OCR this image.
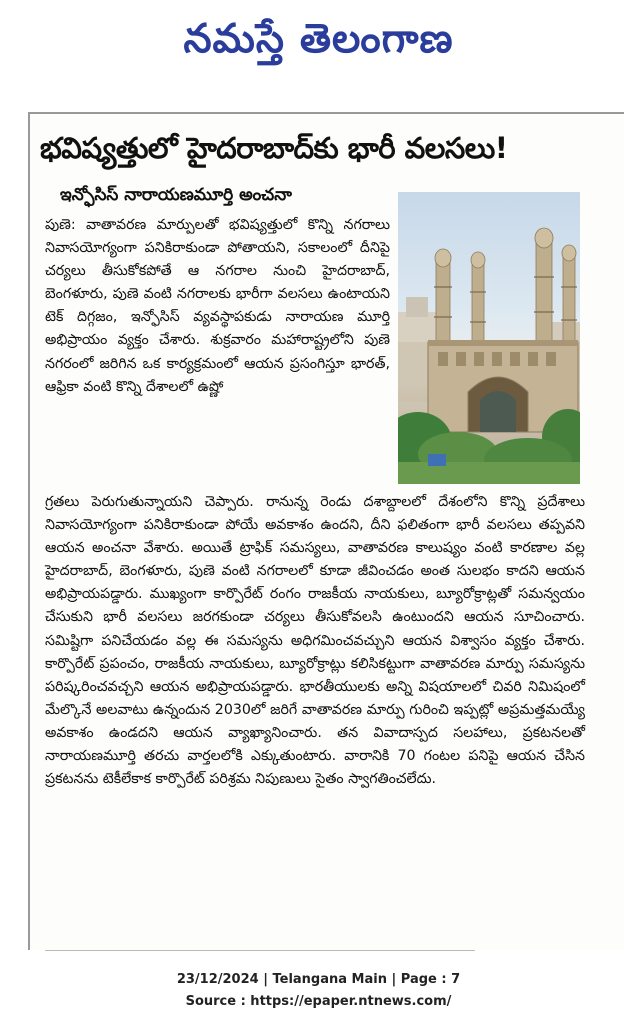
నమస్తే తెలంగాణ
భవిష్యత్తులో హైదరాబాద్‌కు భారీ వలసలు!
ఇన్ఫోసిస్ నారాయణమూర్తి అంచనా
పుణె: వాతావరణ మార్పులతో భవిష్యత్తులో కొన్ని నగరాలు నివాసయోగ్యంగా పనికిరాకుండా పోతాయని, సకాలంలో దీనిపై చర్యలు తీసుకోకపోతే ఆ నగరాల నుంచి హైదరాబాద్, బెంగళూరు, పుణె వంటి నగరాలకు భారీగా వలసలు ఉంటాయని టెక్ దిగ్గజం, ఇన్ఫోసిస్ వ్యవస్థాపకుడు నారాయణ మూర్తి అభిప్రాయం వ్యక్తం చేశారు. శుక్రవారం మహారాష్ట్రలోని పుణె నగరంలో జరిగిన ఒక కార్యక్రమంలో ఆయన ప్రసంగిస్తూ భారత్, ఆఫ్రికా వంటి కొన్ని దేశాలలో ఉష్ణో
గ్రతలు పెరుగుతున్నాయని చెప్పారు. రానున్న రెండు దశాబ్దాలలో దేశంలోని కొన్ని ప్రదేశాలు నివాసయోగ్యంగా పనికిరాకుండా పోయే అవకాశం ఉందని, దీని ఫలితంగా భారీ వలసలు తప్పవని ఆయన అంచనా వేశారు. అయితే ట్రాఫిక్ సమస్యలు, వాతావరణ కాలుష్యం వంటి కారణాల వల్ల హైదరాబాద్, బెంగళూరు, పుణె వంటి నగరాలలో కూడా జీవించడం అంత సులభం కాదని ఆయన అభిప్రాయపడ్డారు. ముఖ్యంగా కార్పొరేట్ రంగం రాజకీయ నాయకులు, బ్యూరోక్రాట్లతో సమన్వయం చేసుకుని భారీ వలసలు జరగకుండా చర్యలు తీసుకోవలసి ఉంటుందని ఆయన సూచించారు. సమిష్టిగా పనిచేయడం వల్ల ఈ సమస్యను అధిగమించవచ్చుని ఆయన విశ్వాసం వ్యక్తం చేశారు. కార్పొరేట్ ప్రపంచం, రాజకీయ నాయకులు, బ్యూరోక్రాట్లు కలిసికట్టుగా వాతావరణ మార్పు సమస్యను పరిష్కరించవచ్చని ఆయన అభిప్రాయపడ్డారు. భారతీయులకు అన్ని విషయాలలో చివరి నిమిషంలో మేల్కొనే అలవాటు ఉన్నందున 2030లో జరిగే వాతావరణ మార్పు గురించి ఇప్పట్లో అప్రమత్తమయ్యే అవకాశం ఉండదని ఆయన వ్యాఖ్యానించారు. తన వివాదాస్పద సలహాలు, ప్రకటనలతో నారాయణమూర్తి తరచు వార్తలలోకి ఎక్కుతుంటారు. వారానికి 70 గంటల పనిపై ఆయన చేసిన ప్రకటనను టెకీలేకాక కార్పొరేట్ పరిశ్రమ నిపుణులు సైతం స్వాగతించలేదు.
23/12/2024 | Telangana Main | Page : 7
Source : https://epaper.ntnews.com/
